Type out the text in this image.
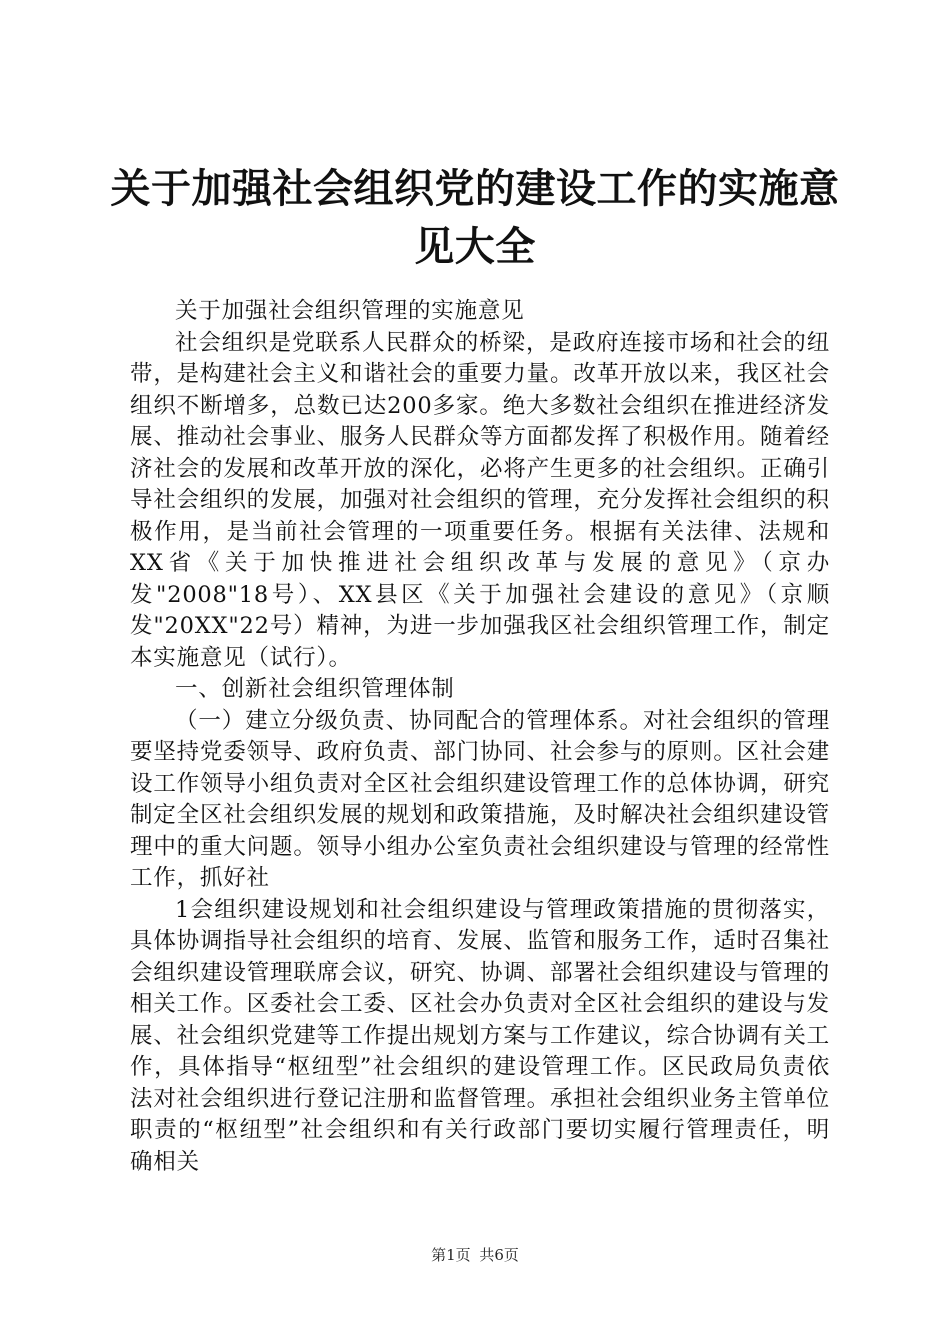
关于加强社会组织党的建设工作的实施意见大全

关于加强社会组织管理的实施意见

社会组织是党联系人民群众的桥梁，是政府连接市场和社会的纽带，是构建社会主义和谐社会的重要力量。改革开放以来，我区社会组织不断增多，总数已达200多家。绝大多数社会组织在推进经济发展、推动社会事业、服务人民群众等方面都发挥了积极作用。随着经济社会的发展和改革开放的深化，必将产生更多的社会组织。正确引导社会组织的发展，加强对社会组织的管理，充分发挥社会组织的积极作用，是当前社会管理的一项重要任务。根据有关法律、法规和XX省《关于加快推进社会组织改革与发展的意见》（京办发"2008"18号）、XX县区《关于加强社会建设的意见》（京顺发"20XX"22号）精神，为进一步加强我区社会组织管理工作，制定本实施意见（试行）。

一、创新社会组织管理体制

（一）建立分级负责、协同配合的管理体系。对社会组织的管理要坚持党委领导、政府负责、部门协同、社会参与的原则。区社会建设工作领导小组负责对全区社会组织建设管理工作的总体协调，研究制定全区社会组织发展的规划和政策措施，及时解决社会组织建设管理中的重大问题。领导小组办公室负责社会组织建设与管理的经常性工作，抓好社

1会组织建设规划和社会组织建设与管理政策措施的贯彻落实，具体协调指导社会组织的培育、发展、监管和服务工作，适时召集社会组织建设管理联席会议，研究、协调、部署社会组织建设与管理的相关工作。区委社会工委、区社会办负责对全区社会组织的建设与发展、社会组织党建等工作提出规划方案与工作建议，综合协调有关工作，具体指导“枢纽型”社会组织的建设管理工作。区民政局负责依法对社会组织进行登记注册和监督管理。承担社会组织业务主管单位职责的“枢纽型”社会组织和有关行政部门要切实履行管理责任，明确相关

第1页 共6页
